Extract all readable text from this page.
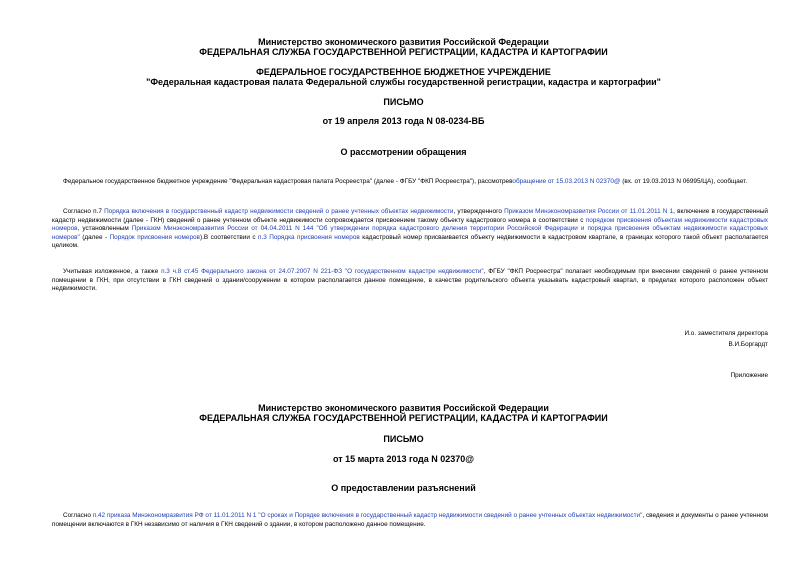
Министерство экономического развития Российской Федерации

ФЕДЕРАЛЬНАЯ СЛУЖБА ГОСУДАРСТВЕННОЙ РЕГИСТРАЦИИ, КАДАСТРА И КАРТОГРАФИИ

ФЕДЕРАЛЬНОЕ ГОСУДАРСТВЕННОЕ БЮДЖЕТНОЕ УЧРЕЖДЕНИЕ

"Федеральная кадастровая палата Федеральной службы государственной регистрации, кадастра и картографии"

ПИСЬМО

от 19 апреля 2013 года N 08-0234-ВБ

О рассмотрении обращения

Федеральное государственное бюджетное учреждение "Федеральная кадастровая палата Росреестра" (далее - ФГБУ "ФКП Росреестра"), рассмотревобращение от 15.03.2013 N 02370@ (вх. от 19.03.2013 N 06995/ЦА), сообщает.

Согласно п.7 Порядка включения в государственный кадастр недвижимости сведений о ранее учтенных объектах недвижимости, утвержденного Приказом Минэкономразвития России от 11.01.2011 N 1, включение в государственный кадастр недвижимости (далее - ГКН) сведений о ранее учтенном объекте недвижимости сопровождается присвоением такому объекту кадастрового номера в соответствии с порядком присвоения объектам недвижимости кадастровых номеров, установленным Приказом Минэкономразвития России от 04.04.2011 N 144 "Об утверждении порядка кадастрового деления территории Российской Федерации и порядка присвоения объектам недвижимости кадастровых номеров" (далее - Порядок присвоения номеров).В соответствии с п.3 Порядка присвоения номеров кадастровый номер присваивается объекту недвижимости в кадастровом квартале, в границах которого такой объект располагается целиком.

Учитывая изложенное, а также п.3 ч.8 ст.45 Федерального закона от 24.07.2007 N 221-ФЗ "О государственном кадастре недвижимости", ФГБУ "ФКП Росреестра" полагает необходимым при внесении сведений о ранее учтенном помещении в ГКН, при отсутствии в ГКН сведений о здании/сооружении в котором располагается данное помещение, в качестве родительского объекта указывать кадастровый квартал, в пределах которого расположен объект недвижимости.

И.о. заместителя директора

В.И.Боргардт

Приложение

Министерство экономического развития Российской Федерации

ФЕДЕРАЛЬНАЯ СЛУЖБА ГОСУДАРСТВЕННОЙ РЕГИСТРАЦИИ, КАДАСТРА И КАРТОГРАФИИ

ПИСЬМО

от 15 марта 2013 года N 02370@

О предоставлении разъяснений

Согласно п.42 приказа Минэкономразвития РФ от 11.01.2011 N 1 "О сроках и Порядке включения в государственный кадастр недвижимости сведений о ранее учтенных объектах недвижимости", сведения и документы о ранее учтенном помещении включаются в ГКН независимо от наличия в ГКН сведений о здании, в котором расположено данное помещение.
